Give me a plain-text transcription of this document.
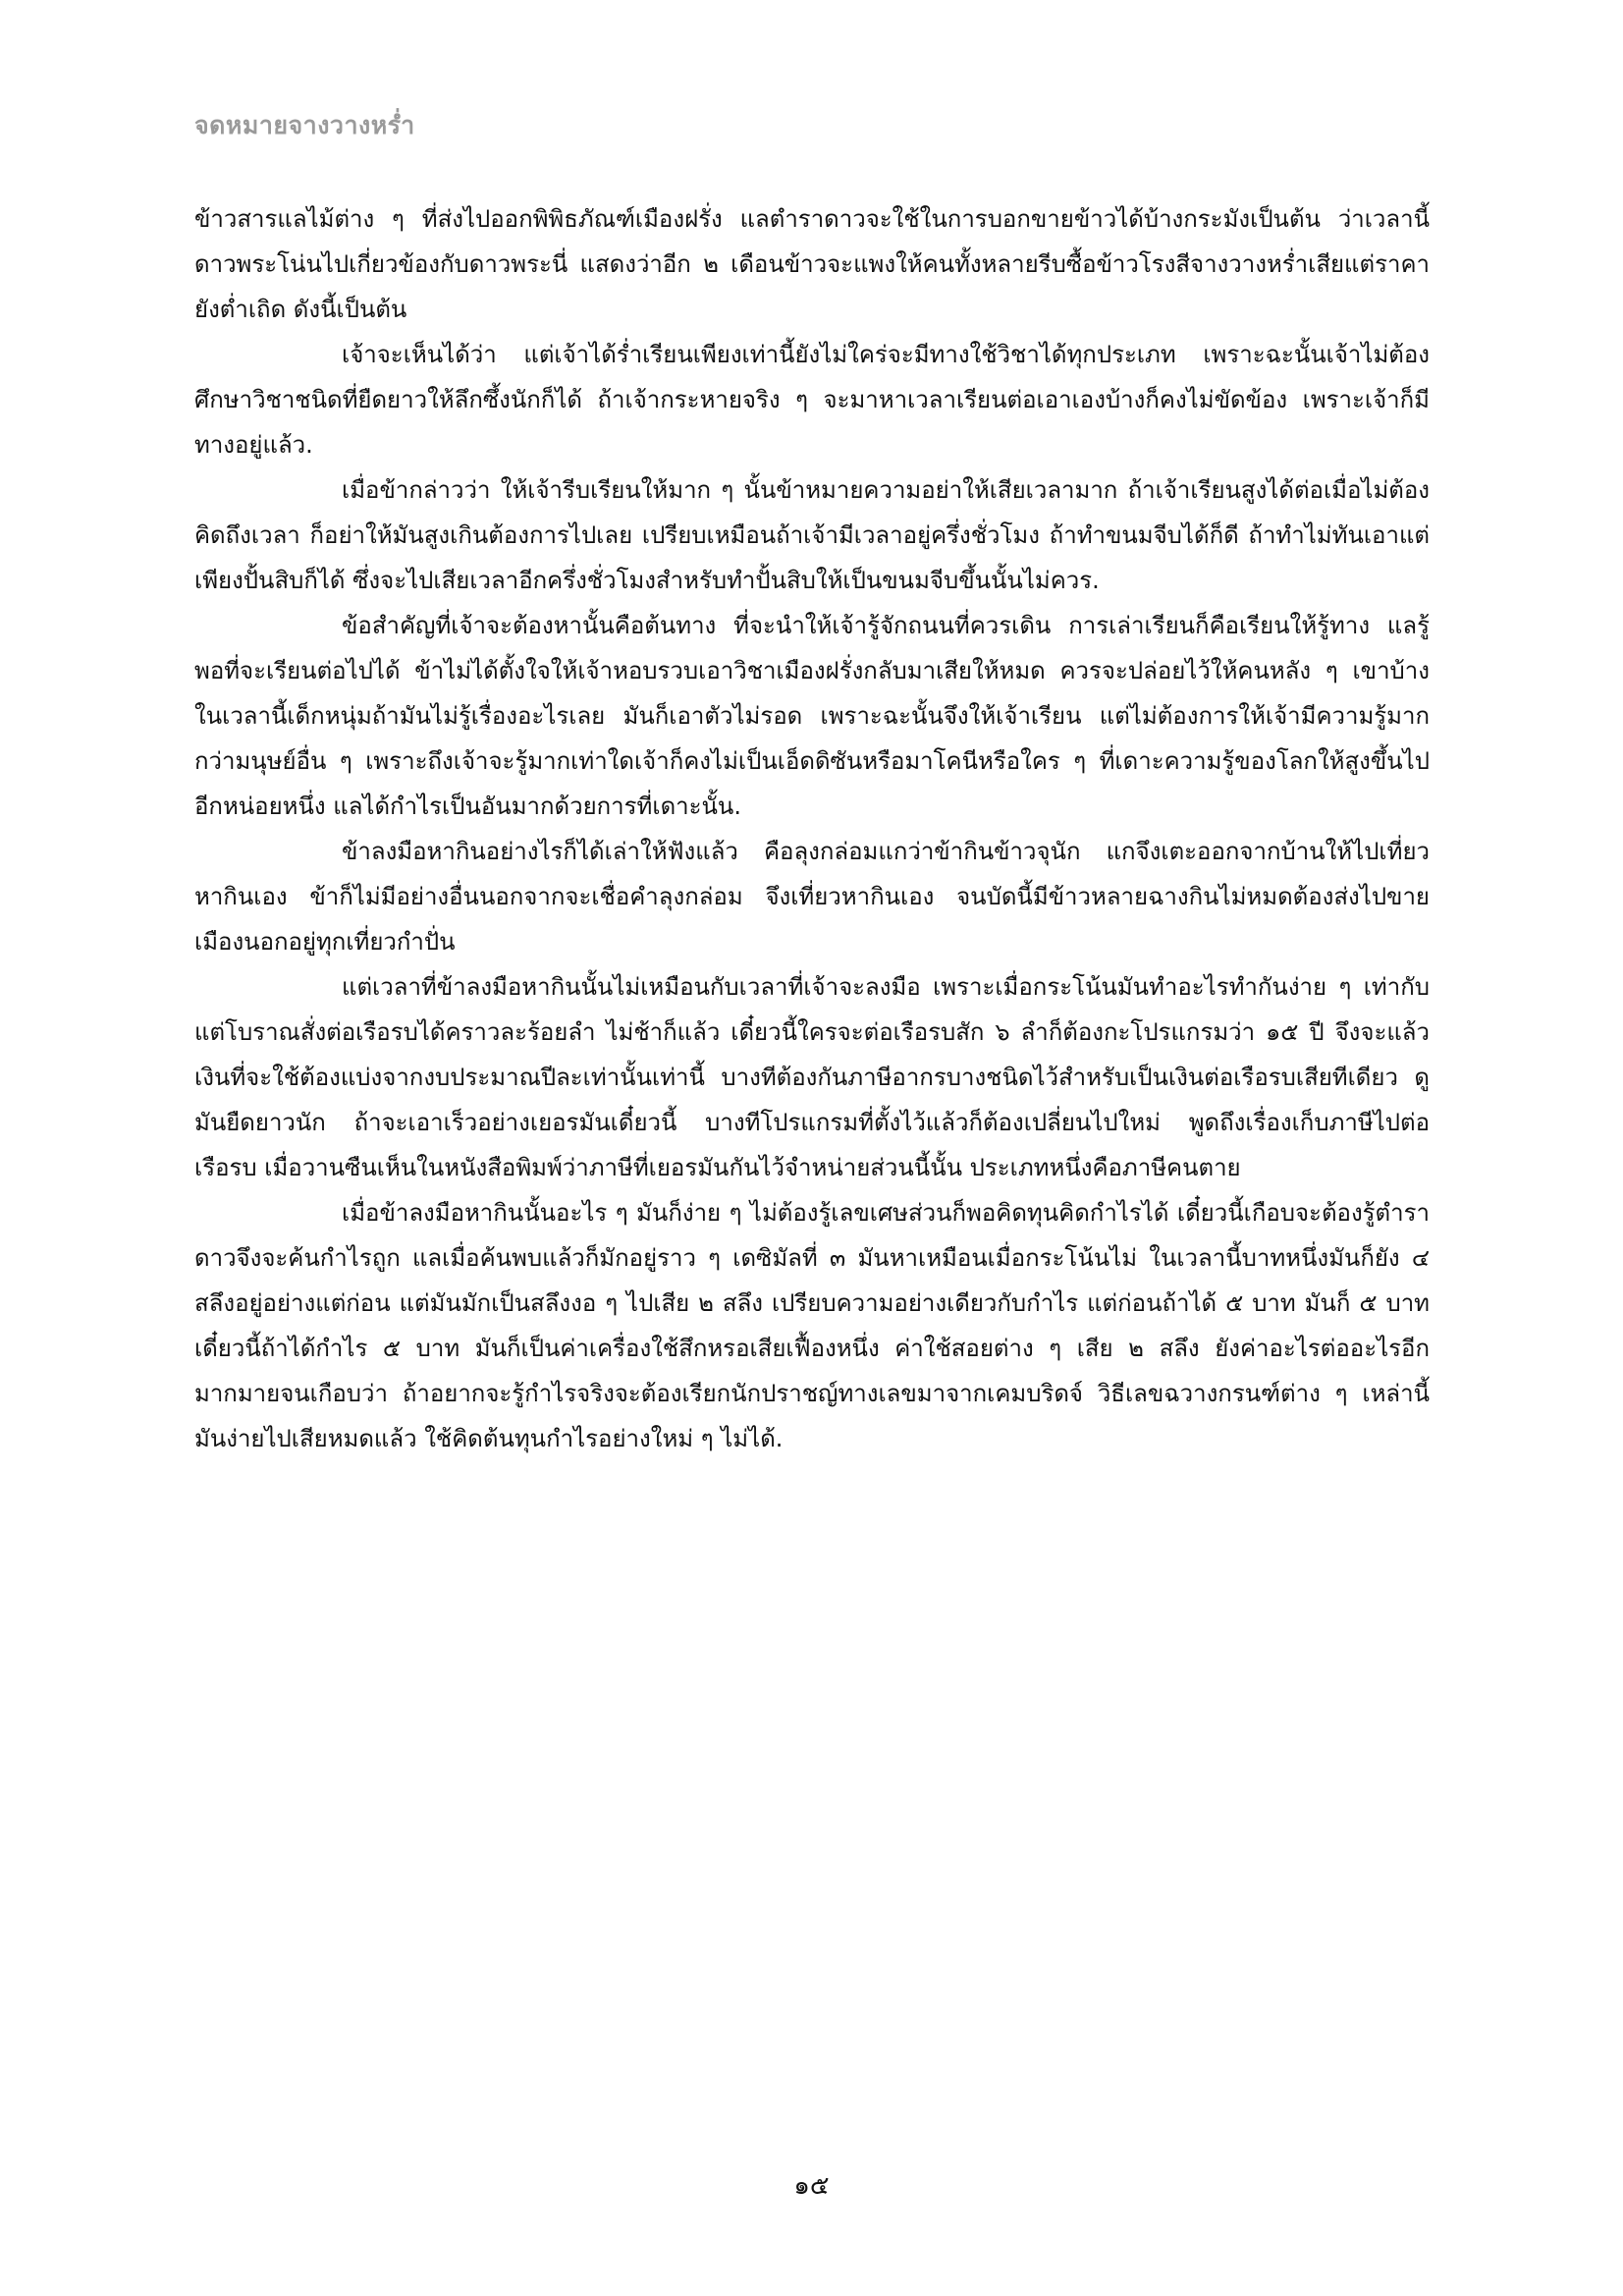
จดหมายจางวางหร่ำ

ข้าวสารแลไม้ต่าง ๆ ที่ส่งไปออกพิพิธภัณฑ์เมืองฝรั่ง แลตำราดาวจะใช้ในการบอกขายข้าวได้บ้างกระมังเป็นต้น ว่าเวลานี้ดาวพระโน่นไปเกี่ยวข้องกับดาวพระนี่ แสดงว่าอีก ๒ เดือนข้าวจะแพงให้คนทั้งหลายรีบซื้อข้าวโรงสีจางวางหร่ำเสียแต่ราคายังต่ำเถิด ดังนี้เป็นต้น

เจ้าจะเห็นได้ว่า แต่เจ้าได้ร่ำเรียนเพียงเท่านี้ยังไม่ใคร่จะมีทางใช้วิชาได้ทุกประเภท เพราะฉะนั้นเจ้าไม่ต้องศึกษาวิชาชนิดที่ยืดยาวให้ลึกซึ้งนักก็ได้ ถ้าเจ้ากระหายจริง ๆ จะมาหาเวลาเรียนต่อเอาเองบ้างก็คงไม่ขัดข้อง เพราะเจ้าก็มีทางอยู่แล้ว.

เมื่อข้ากล่าวว่า ให้เจ้ารีบเรียนให้มาก ๆ นั้นข้าหมายความอย่าให้เสียเวลามาก ถ้าเจ้าเรียนสูงได้ต่อเมื่อไม่ต้องคิดถึงเวลา ก็อย่าให้มันสูงเกินต้องการไปเลย เปรียบเหมือนถ้าเจ้ามีเวลาอยู่ครึ่งชั่วโมง ถ้าทำขนมจีบได้ก็ดี ถ้าทำไม่ทันเอาแต่เพียงปั้นสิบก็ได้ ซึ่งจะไปเสียเวลาอีกครึ่งชั่วโมงสำหรับทำปั้นสิบให้เป็นขนมจีบขึ้นนั้นไม่ควร.

ข้อสำคัญที่เจ้าจะต้องหานั้นคือต้นทาง ที่จะนำให้เจ้ารู้จักถนนที่ควรเดิน การเล่าเรียนก็คือเรียนให้รู้ทาง แลรู้พอที่จะเรียนต่อไปได้ ข้าไม่ได้ตั้งใจให้เจ้าหอบรวบเอาวิชาเมืองฝรั่งกลับมาเสียให้หมด ควรจะปล่อยไว้ให้คนหลัง ๆ เขาบ้าง ในเวลานี้เด็กหนุ่มถ้ามันไม่รู้เรื่องอะไรเลย มันก็เอาตัวไม่รอด เพราะฉะนั้นจึงให้เจ้าเรียน แต่ไม่ต้องการให้เจ้ามีความรู้มากกว่ามนุษย์อื่น ๆ เพราะถึงเจ้าจะรู้มากเท่าใดเจ้าก็คงไม่เป็นเอ็ดดิซันหรือมาโคนีหรือใคร ๆ ที่เดาะความรู้ของโลกให้สูงขึ้นไปอีกหน่อยหนึ่ง แลได้กำไรเป็นอันมากด้วยการที่เดาะนั้น.

ข้าลงมือหากินอย่างไรก็ได้เล่าให้ฟังแล้ว คือลุงกล่อมแกว่าข้ากินข้าวจุนัก แกจึงเตะออกจากบ้านให้ไปเที่ยวหากินเอง ข้าก็ไม่มีอย่างอื่นนอกจากจะเชื่อคำลุงกล่อม จึงเที่ยวหากินเอง จนบัดนี้มีข้าวหลายฉางกินไม่หมดต้องส่งไปขายเมืองนอกอยู่ทุกเที่ยวกำปั่น

แต่เวลาที่ข้าลงมือหากินนั้นไม่เหมือนกับเวลาที่เจ้าจะลงมือ เพราะเมื่อกระโน้นมันทำอะไรทำกันง่าย ๆ เท่ากับแต่โบราณสั่งต่อเรือรบได้คราวละร้อยลำ ไม่ช้าก็แล้ว เดี๋ยวนี้ใครจะต่อเรือรบสัก ๖ ลำก็ต้องกะโปรแกรมว่า ๑๕ ปี จึงจะแล้ว เงินที่จะใช้ต้องแบ่งจากงบประมาณปีละเท่านั้นเท่านี้ บางทีต้องกันภาษีอากรบางชนิดไว้สำหรับเป็นเงินต่อเรือรบเสียทีเดียว ดูมันยืดยาวนัก ถ้าจะเอาเร็วอย่างเยอรมันเดี๋ยวนี้ บางทีโปรแกรมที่ตั้งไว้แล้วก็ต้องเปลี่ยนไปใหม่ พูดถึงเรื่องเก็บภาษีไปต่อเรือรบ เมื่อวานซืนเห็นในหนังสือพิมพ์ว่าภาษีที่เยอรมันกันไว้จำหน่ายส่วนนี้นั้น ประเภทหนึ่งคือภาษีคนตาย

เมื่อข้าลงมือหากินนั้นอะไร ๆ มันก็ง่าย ๆ ไม่ต้องรู้เลขเศษส่วนก็พอคิดทุนคิดกำไรได้ เดี๋ยวนี้เกือบจะต้องรู้ตำราดาวจึงจะค้นกำไรถูก แลเมื่อค้นพบแล้วก็มักอยู่ราว ๆ เดซิมัลที่ ๓ มันหาเหมือนเมื่อกระโน้นไม่ ในเวลานี้บาทหนึ่งมันก็ยัง ๔ สลึงอยู่อย่างแต่ก่อน แต่มันมักเป็นสลึงงอ ๆ ไปเสีย ๒ สลึง เปรียบความอย่างเดียวกับกำไร แต่ก่อนถ้าได้ ๕ บาท มันก็ ๕ บาท เดี๋ยวนี้ถ้าได้กำไร ๕ บาท มันก็เป็นค่าเครื่องใช้สึกหรอเสียเฟื้องหนึ่ง ค่าใช้สอยต่าง ๆ เสีย ๒ สลึง ยังค่าอะไรต่ออะไรอีกมากมายจนเกือบว่า ถ้าอยากจะรู้กำไรจริงจะต้องเรียกนักปราชญ์ทางเลขมาจากเคมบริดจ์ วิธีเลขฉวางกรนฑ์ต่าง ๆ เหล่านี้มันง่ายไปเสียหมดแล้ว ใช้คิดต้นทุนกำไรอย่างใหม่ ๆ ไม่ได้.

๑๕
